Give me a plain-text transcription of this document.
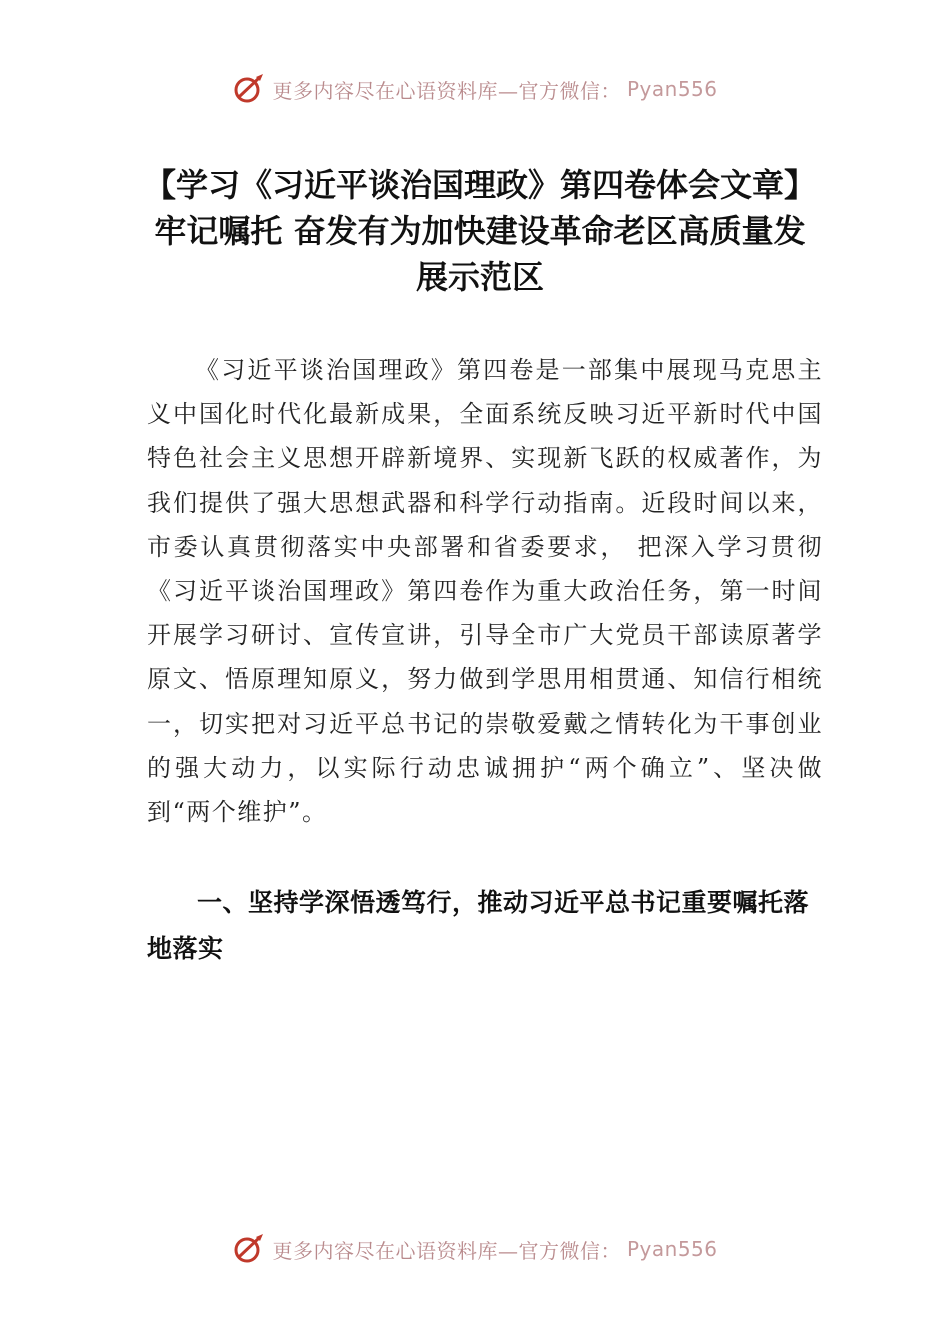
更多内容尽在心语资料库—官方微信： Pyan556
【学习《习近平谈治国理政》第四卷体会文章】牢记嘱托 奋发有为加快建设革命老区高质量发展示范区

《习近平谈治国理政》第四卷是一部集中展现马克思主义中国化时代化最新成果，全面系统反映习近平新时代中国特色社会主义思想开辟新境界、实现新飞跃的权威著作，为我们提供了强大思想武器和科学行动指南。近段时间以来，市委认真贯彻落实中央部署和省委要求， 把深入学习贯彻《习近平谈治国理政》第四卷作为重大政治任务，第一时间开展学习研讨、宣传宣讲，引导全市广大党员干部读原著学原文、悟原理知原义，努力做到学思用相贯通、知信行相统一，切实把对习近平总书记的崇敬爱戴之情转化为干事创业的强大动力，以实际行动忠诚拥护“两个确立”、坚决做到“两个维护”。

一、坚持学深悟透笃行，推动习近平总书记重要嘱托落地落实
更多内容尽在心语资料库—官方微信： Pyan556
